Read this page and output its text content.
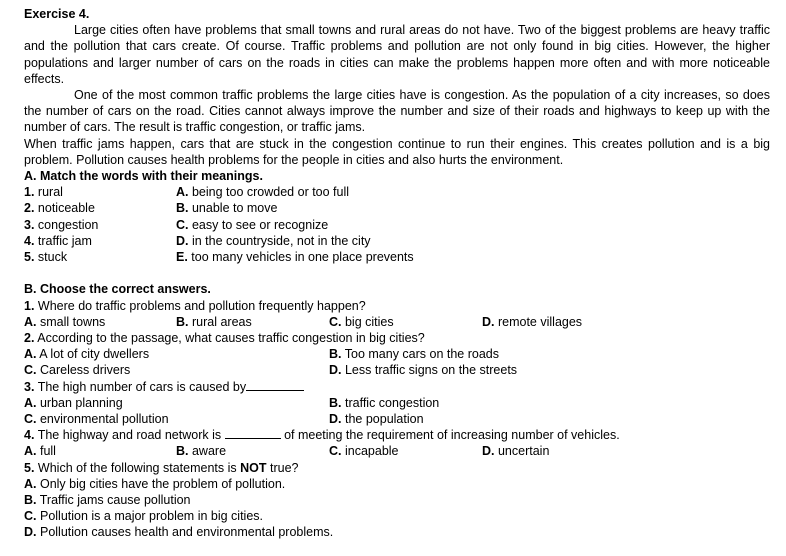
Exercise 4.

Large cities often have problems that small towns and rural areas do not have. Two of the biggest problems are heavy traffic and the pollution that cars create. Of course. Traffic problems and pollution are not only found in big cities. However, the higher populations and larger number of cars on the roads in cities can make the problems happen more often and with more noticeable effects.

One of the most common traffic problems the large cities have is congestion. As the population of a city increases, so does the number of cars on the road. Cities cannot always improve the number and size of their roads and highways to keep up with the number of cars. The result is traffic congestion, or traffic jams.

When traffic jams happen, cars that are stuck in the congestion continue to run their engines. This creates pollution and is a big problem. Pollution causes health problems for the people in cities and also hurts the environment.

A. Match the words with their meanings.

1. rural	A. being too crowded or too full
2. noticeable	B. unable to move
3. congestion	C. easy to see or recognize
4. traffic jam	D. in the countryside, not in the city
5. stuck	E. too many vehicles in one place prevents

B. Choose the correct answers.

1. Where do traffic problems and pollution frequently happen?
A. small towns	B. rural areas	C. big cities	D. remote villages
2. According to the passage, what causes traffic congestion in big cities?
A. A lot of city dwellers	B. Too many cars on the roads
C. Careless drivers	D. Less traffic signs on the streets
3. The high number of cars is caused by
A. urban planning	B. traffic congestion
C. environmental pollution	D. the population
4. The highway and road network is	of meeting the requirement of increasing number of vehicles.
A. full	B. aware	C. incapable	D. uncertain
5. Which of the following statements is NOT true?
A. Only big cities have the problem of pollution.
B. Traffic jams cause pollution
C. Pollution is a major problem in big cities.
D. Pollution causes health and environmental problems.
